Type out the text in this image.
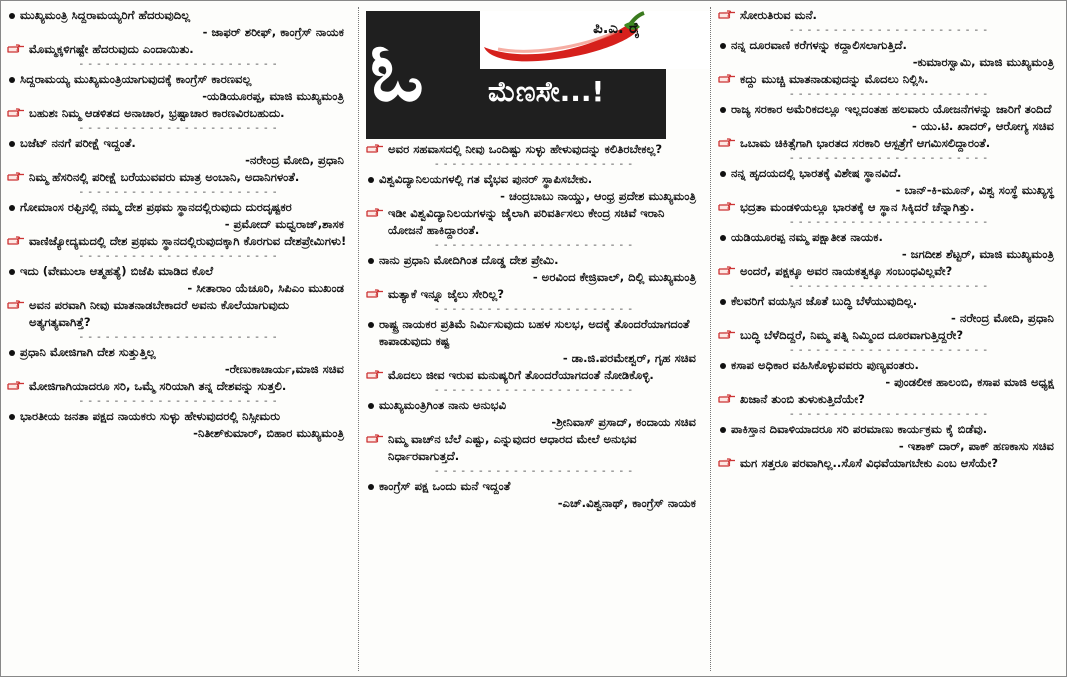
ಮುಖ್ಯಮಂತ್ರಿ ಸಿದ್ದರಾಮಯ್ಯರಿಗೆ ಹೆದರುವುದಿಲ್ಲ
- ಜಾಫರ್ ಶರೀಫ್, ಕಾಂಗ್ರೆಸ್ ನಾಯಕ
ಮೊಮ್ಮಕ್ಕಳಿಗಷ್ಟೇ ಹೆದರುವುದು ಎಂದಾಯಿತು.
- - - - - - - - - - - - - - - - - - - - - - -
ಸಿದ್ದರಾಮಯ್ಯ ಮುಖ್ಯಮಂತ್ರಿಯಾಗುವುದಕ್ಕೆ ಕಾಂಗ್ರೆಸ್ ಕಾರಣವಲ್ಲ
-ಯಡಿಯೂರಪ್ಪ, ಮಾಜಿ ಮುಖ್ಯಮಂತ್ರಿ
ಬಹುಶಃ ನಿಮ್ಮ ಆಡಳಿತದ ಅನಾಚಾರ, ಭ್ರಷ್ಟಾಚಾರ ಕಾರಣವಿರಬಹುದು.
- - - - - - - - - - - - - - - - - - - - - - -
ಬಜೆಟ್ ನನಗೆ ಪರೀಕ್ಷೆ ಇದ್ದಂತೆ.
-ನರೇಂದ್ರ ಮೋದಿ, ಪ್ರಧಾನಿ
ನಿಮ್ಮ ಹೆಸರಿನಲ್ಲಿ ಪರೀಕ್ಷೆ ಬರೆಯುವವರು ಮಾತ್ರ ಅಂಬಾನಿ, ಅದಾನಿಗಳಂತೆ.
- - - - - - - - - - - - - - - - - - - - - - -
ಗೋಮಾಂಸ ರಫ್ತಿನಲ್ಲಿ ನಮ್ಮ ದೇಶ ಪ್ರಥಮ ಸ್ಥಾನದಲ್ಲಿರುವುದು ದುರದೃಷ್ಟಕರ
- ಪ್ರಮೋದ್ ಮಧ್ವರಾಜ್,ಶಾಸಕ
ವಾಣಿಜ್ಯೋದ್ಯಮದಲ್ಲಿ ದೇಶ ಪ್ರಥಮ ಸ್ಥಾನದಲ್ಲಿರುವುದಕ್ಕಾಗಿ ಕೊರಗುವ ದೇಶಪ್ರೇಮಿಗಳು!
- - - - - - - - - - - - - - - - - - - - - - -
ಇದು (ವೇಮುಲಾ ಆತ್ಮಹತ್ಯೆ) ಬಿಜೆಪಿ ಮಾಡಿದ ಕೊಲೆ
- ಸೀತಾರಾಂ ಯೆಚೂರಿ, ಸಿಪಿಎಂ ಮುಖಂಡ
ಅವನ ಪರವಾಗಿ ನೀವು ಮಾತನಾಡಬೇಕಾದರೆ ಅವನು ಕೊಲೆಯಾಗುವುದು ಅತ್ಯಗತ್ಯವಾಗಿತ್ತೆ?
- - - - - - - - - - - - - - - - - - - - - - -
ಪ್ರಧಾನಿ ಮೋಜಿಗಾಗಿ ದೇಶ ಸುತ್ತುತ್ತಿಲ್ಲ
-ರೇಣುಕಾಚಾರ್ಯ,ಮಾಜಿ ಸಚಿವ
ಮೋಜಿಗಾಗಿಯಾದರೂ ಸರಿ, ಒಮ್ಮೆ ಸರಿಯಾಗಿ ತನ್ನ ದೇಶವನ್ನು ಸುತ್ತಲಿ.
- - - - - - - - - - - - - - - - - - - - - - -
ಭಾರತೀಯ ಜನತಾ ಪಕ್ಷದ ನಾಯಕರು ಸುಳ್ಳು ಹೇಳುವುದರಲ್ಲಿ ನಿಸ್ಸೀಮರು
-ನಿತೀಶ್‌ಕುಮಾರ್, ಬಿಹಾರ ಮುಖ್ಯಮಂತ್ರಿ
ಓ	ಪಿ.ಎ. ರೈ
ಮೆಣಸೇ...!
ಅವರ ಸಹವಾಸದಲ್ಲಿ ನೀವು ಒಂದಿಷ್ಟು ಸುಳ್ಳು ಹೇಳುವುದನ್ನು ಕಲಿತಿರಬೇಕಲ್ಲ?
- - - - - - - - - - - - - - - - - - - - - - -
ವಿಶ್ವವಿದ್ಯಾನಿಲಯಗಳಲ್ಲಿ ಗತ ವೈಭವ ಪುನರ್ ಸ್ಥಾಪಿಸಬೇಕು.
- ಚಂದ್ರಬಾಬು ನಾಯ್ಡು, ಆಂಧ್ರ ಪ್ರದೇಶ ಮುಖ್ಯಮಂತ್ರಿ
ಇಡೀ ವಿಶ್ವವಿದ್ಯಾನಿಲಯಗಳನ್ನು ಜೈಲಾಗಿ ಪರಿವರ್ತಿಸಲು ಕೇಂದ್ರ ಸಚಿವೆ ಇರಾನಿ ಯೋಜನೆ ಹಾಕಿದ್ದಾರಂತೆ.
- - - - - - - - - - - - - - - - - - - - - - -
ನಾನು ಪ್ರಧಾನಿ ಮೋದಿಗಿಂತ ದೊಡ್ಡ ದೇಶ ಪ್ರೇಮಿ.
- ಅರವಿಂದ ಕೇಜ್ರಿವಾಲ್, ದಿಲ್ಲಿ ಮುಖ್ಯಮಂತ್ರಿ
ಮತ್ಯಾಕೆ ಇನ್ನೂ ಜೈಲು ಸೇರಿಲ್ಲ?
- - - - - - - - - - - - - - - - - - - - - - -
ರಾಷ್ಟ್ರ ನಾಯಕರ ಪ್ರತಿಮೆ ನಿರ್ಮಿಸುವುದು ಬಹಳ ಸುಲಭ, ಅದಕ್ಕೆ ತೊಂದರೆಯಾಗದಂತೆ ಕಾಪಾಡುವುದು ಕಷ್ಟ
- ಡಾ.ಜಿ.ಪರಮೇಶ್ವರ್, ಗೃಹ ಸಚಿವ
ಮೊದಲು ಜೀವ ಇರುವ ಮನುಷ್ಯರಿಗೆ ತೊಂದರೆಯಾಗದಂತೆ ನೋಡಿಕೊಳ್ಳಿ.
- - - - - - - - - - - - - - - - - - - - - - -
ಮುಖ್ಯಮಂತ್ರಿಗಿಂತ ನಾನು ಅನುಭವಿ
-ಶ್ರೀನಿವಾಸ್ ಪ್ರಸಾದ್, ಕಂದಾಯ ಸಚಿವ
ನಿಮ್ಮ ವಾಚ್‌ನ ಬೆಲೆ ಎಷ್ಟು, ಎನ್ನುವುದರ ಆಧಾರದ ಮೇಲೆ ಅನುಭವ ನಿರ್ಧಾರವಾಗುತ್ತದೆ.
- - - - - - - - - - - - - - - - - - - - - - -
ಕಾಂಗ್ರೆಸ್ ಪಕ್ಷ ಒಂದು ಮನೆ ಇದ್ದಂತೆ
-ಎಚ್.ವಿಶ್ವನಾಥ್, ಕಾಂಗ್ರೆಸ್ ನಾಯಕ
ಸೋರುತಿರುವ ಮನೆ.
- - - - - - - - - - - - - - - - - - - - - - -
ನನ್ನ ದೂರವಾಣಿ ಕರೆಗಳನ್ನು ಕದ್ದಾಲಿಸಲಾಗುತ್ತಿದೆ.
-ಕುಮಾರಸ್ವಾಮಿ, ಮಾಜಿ ಮುಖ್ಯಮಂತ್ರಿ
ಕದ್ದು ಮುಚ್ಚಿ ಮಾತನಾಡುವುದನ್ನು ಮೊದಲು ನಿಲ್ಲಿಸಿ.
- - - - - - - - - - - - - - - - - - - - - - -
ರಾಜ್ಯ ಸರಕಾರ ಅಮೆರಿಕದಲ್ಲೂ ಇಲ್ಲದಂತಹ ಹಲವಾರು ಯೋಜನೆಗಳನ್ನು ಜಾರಿಗೆ ತಂದಿದೆ
- ಯು.ಟಿ. ಖಾದರ್, ಆರೋಗ್ಯ ಸಚಿವ
ಒಬಾಮ ಚಿಕಿತ್ಸೆಗಾಗಿ ಭಾರತದ ಸರಕಾರಿ ಆಸ್ಪತ್ರೆಗೆ ಆಗಮಿಸಲಿದ್ದಾರಂತೆ.
- - - - - - - - - - - - - - - - - - - - - - -
ನನ್ನ ಹೃದಯದಲ್ಲಿ ಭಾರತಕ್ಕೆ ವಿಶೇಷ ಸ್ಥಾನವಿದೆ.
- ಬಾನ್-ಕಿ-ಮೂನ್, ವಿಶ್ವ ಸಂಸ್ಥೆ ಮುಖ್ಯಸ್ಥ
ಭದ್ರತಾ ಮಂಡಳಿಯಲ್ಲೂ ಭಾರತಕ್ಕೆ ಆ ಸ್ಥಾನ ಸಿಕ್ಕಿದರೆ ಚೆನ್ನಾಗಿತ್ತು.
- - - - - - - - - - - - - - - - - - - - - - -
ಯಡಿಯೂರಪ್ಪ ನಮ್ಮ ಪಕ್ಷಾತೀತ ನಾಯಕ.
- ಜಗದೀಶ ಶೆಟ್ಟರ್, ಮಾಜಿ ಮುಖ್ಯಮಂತ್ರಿ
ಅಂದರೆ, ಪಕ್ಷಕ್ಕೂ ಅವರ ನಾಯಕತ್ವಕ್ಕೂ ಸಂಬಂಧವಿಲ್ಲವೇ?
- - - - - - - - - - - - - - - - - - - - - - -
ಕೆಲವರಿಗೆ ವಯಸ್ಸಿನ ಜೊತೆ ಬುದ್ಧಿ ಬೆಳೆಯುವುದಿಲ್ಲ.
- ನರೇಂದ್ರ ಮೋದಿ, ಪ್ರಧಾನಿ
ಬುದ್ಧಿ ಬೆಳೆದಿದ್ದರೆ, ನಿಮ್ಮ ಪತ್ನಿ ನಿಮ್ಮಿಂದ ದೂರವಾಗುತ್ತಿದ್ದರೇ?
- - - - - - - - - - - - - - - - - - - - - - -
ಕಸಾಪ ಅಧಿಕಾರ ವಹಿಸಿಕೊಳ್ಳುವವರು ಪುಣ್ಯವಂತರು.
- ಪುಂಡಲೀಕ ಹಾಲಂಬಿ, ಕಸಾಪ ಮಾಜಿ ಅಧ್ಯಕ್ಷ
ಖಜಾನೆ ತುಂಬಿ ತುಳುಕುತ್ತಿದೆಯೇ?
- - - - - - - - - - - - - - - - - - - - - - -
ಪಾಕಿಸ್ತಾನ ದಿವಾಳಿಯಾದರೂ ಸರಿ ಪರಮಾಣು ಕಾರ್ಯಕ್ರಮ ಕೈ ಬಿಡೆವು.
- ಇಶಾಕ್ ದಾರ್, ಪಾಕ್ ಹಣಕಾಸು ಸಚಿವ
ಮಗ ಸತ್ತರೂ ಪರವಾಗಿಲ್ಲ..ಸೊಸೆ ವಿಧವೆಯಾಗಬೇಕು ಎಂಬ ಆಸೆಯೇ?
